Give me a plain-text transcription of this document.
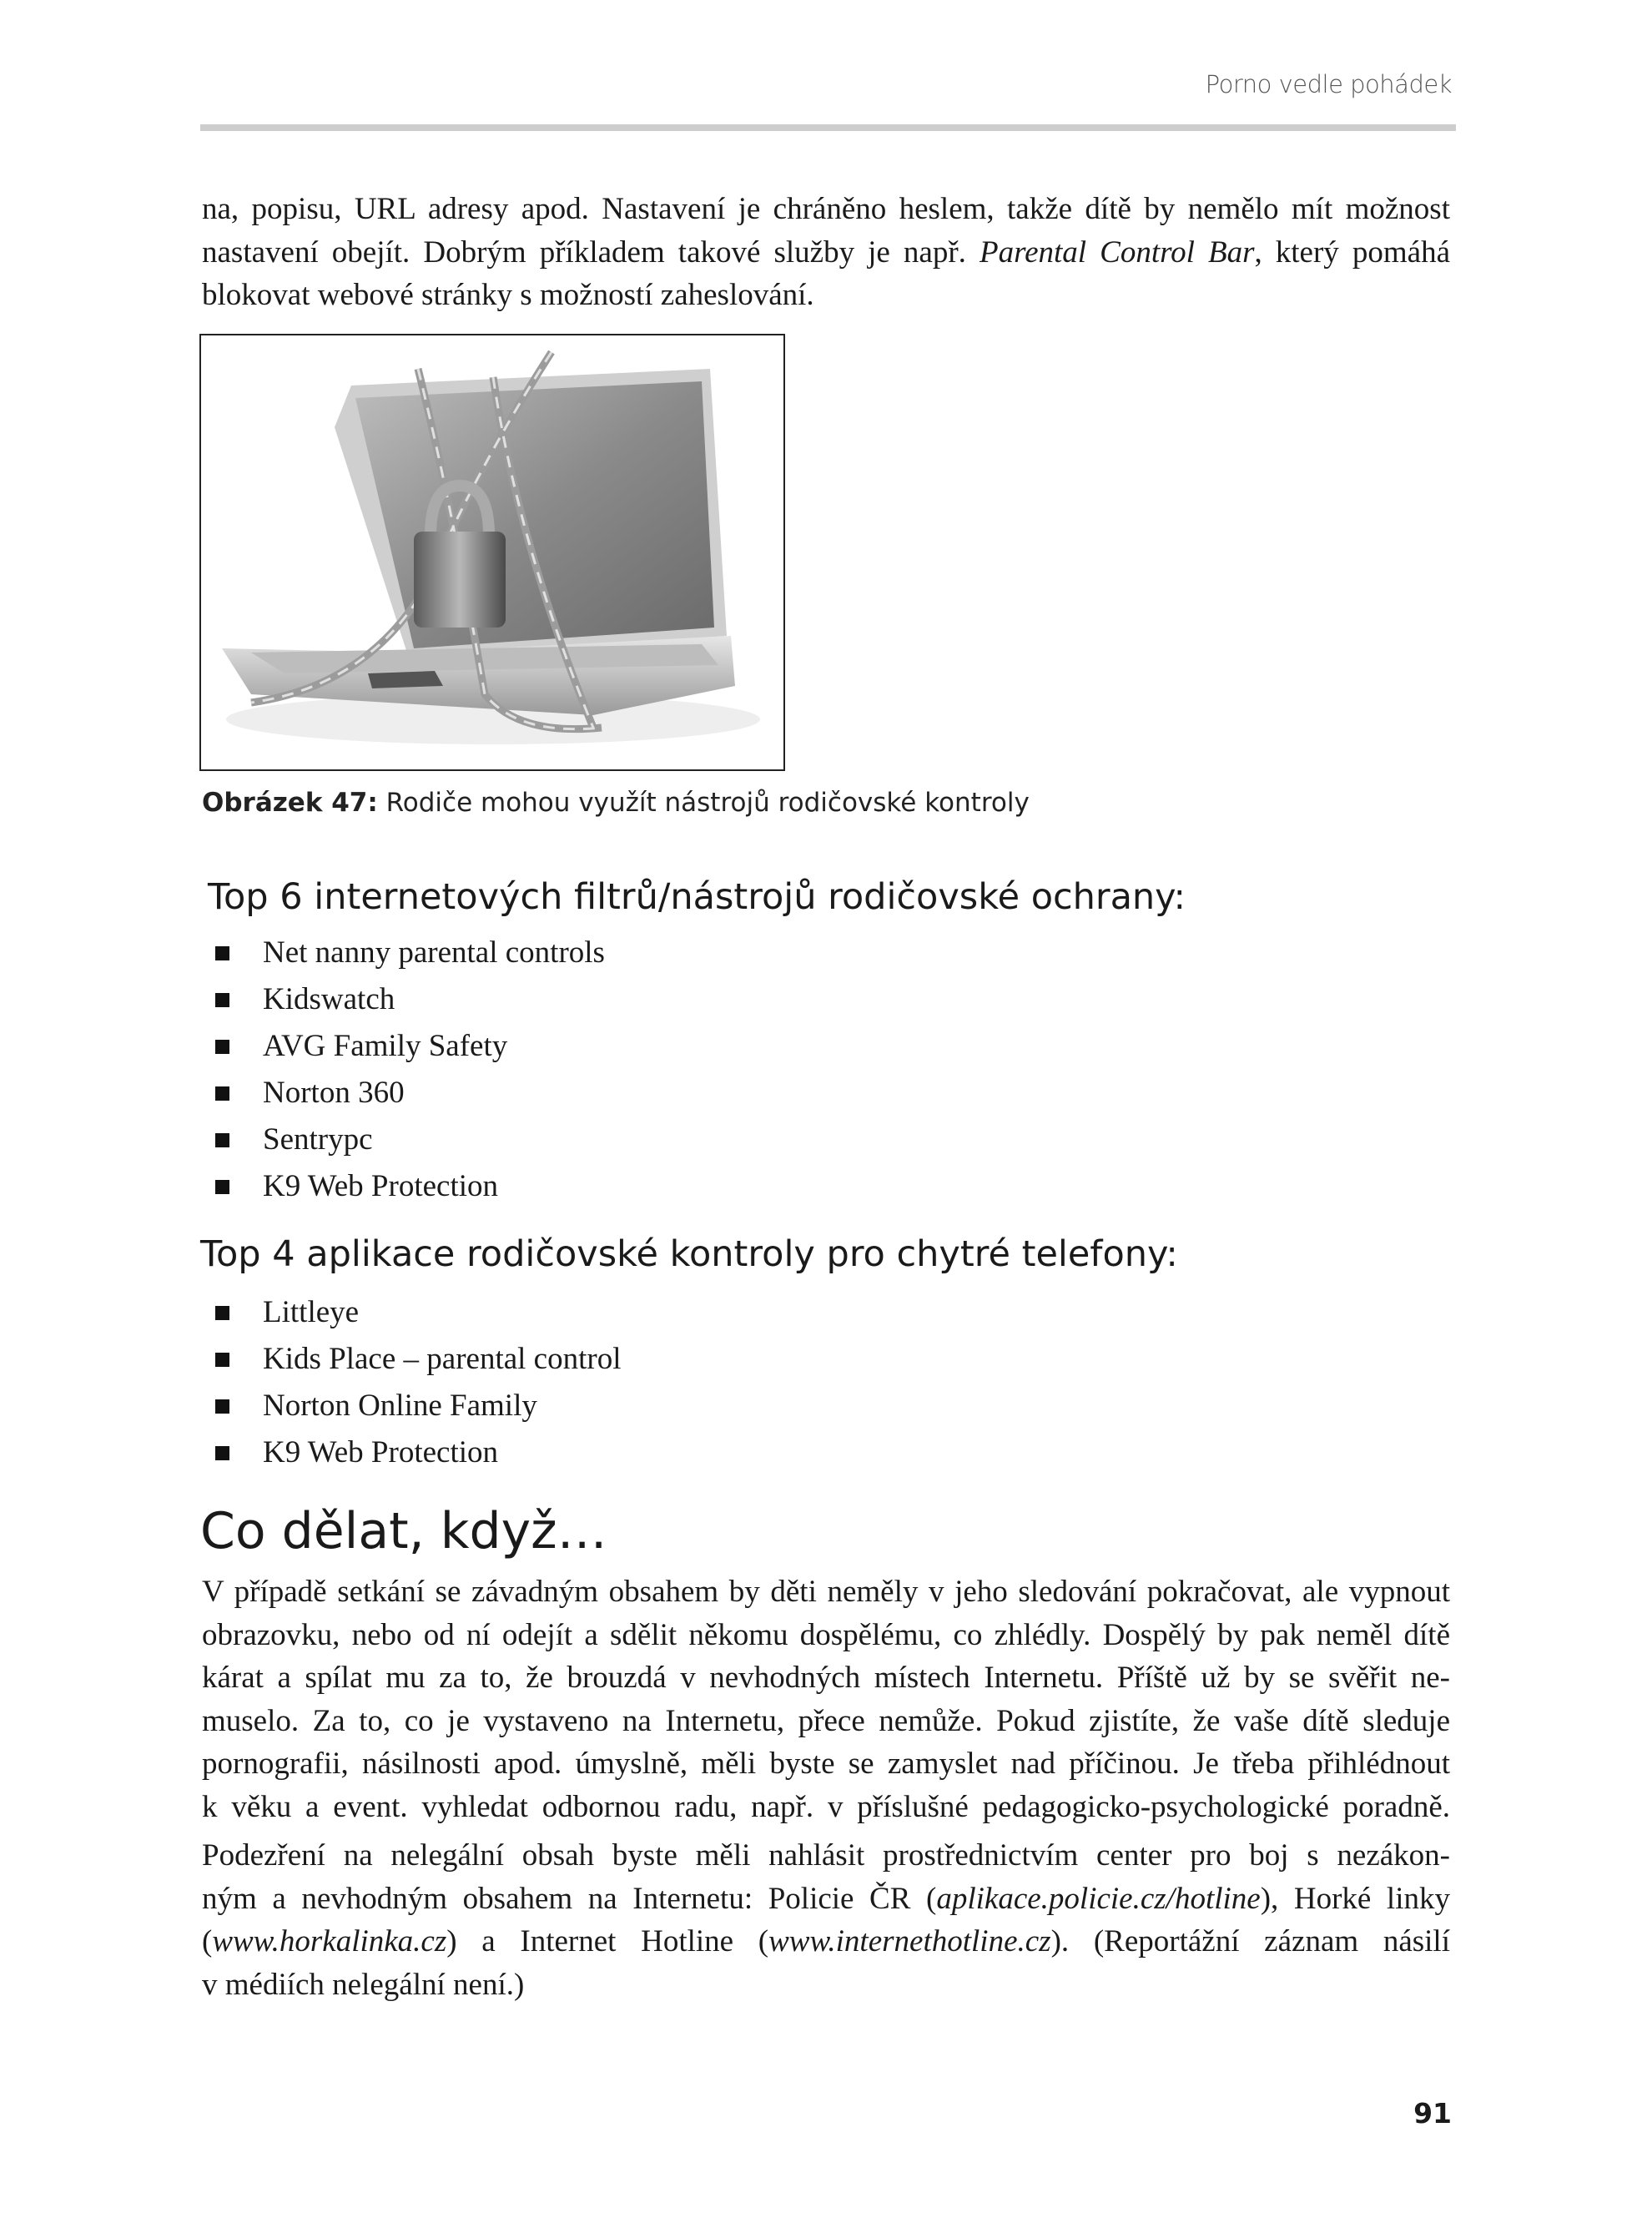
Porno vedle pohádek
na, popisu, URL adresy apod. Nastavení je chráněno heslem, takže dítě by nemělo mít možnost
nastavení obejít. Dobrým příkladem takové služby je např. Parental Control Bar, který pomáhá
blokovat webové stránky s možností zaheslování.
Obrázek 47: Rodiče mohou využít nástrojů rodičovské kontroly
Top 6 internetových filtrů/nástrojů rodičovské ochrany:
Net nanny parental controls
Kidswatch
AVG Family Safety
Norton 360
Sentrypc
K9 Web Protection
Top 4 aplikace rodičovské kontroly pro chytré telefony:
Littleye
Kids Place – parental control
Norton Online Family
K9 Web Protection
Co dělat, když…
V případě setkání se závadným obsahem by děti neměly v jeho sledování pokračovat, ale vypnout
obrazovku, nebo od ní odejít a sdělit někomu dospělému, co zhlédly. Dospělý by pak neměl dítě
kárat a spílat mu za to, že brouzdá v nevhodných místech Internetu. Příště už by se svěřit ne-
muselo. Za to, co je vystaveno na Internetu, přece nemůže. Pokud zjistíte, že vaše dítě sleduje
pornografii, násilnosti apod. úmyslně, měli byste se zamyslet nad příčinou. Je třeba přihlédnout
k věku a event. vyhledat odbornou radu, např. v příslušné pedagogicko-psychologické poradně.
Podezření na nelegální obsah byste měli nahlásit prostřednictvím center pro boj s nezákon-
ným a nevhodným obsahem na Internetu: Policie ČR (aplikace.policie.cz/hotline), Horké linky
(www.horkalinka.cz) a Internet Hotline (www.internethotline.cz). (Reportážní záznam násilí
v médiích nelegální není.)
91
